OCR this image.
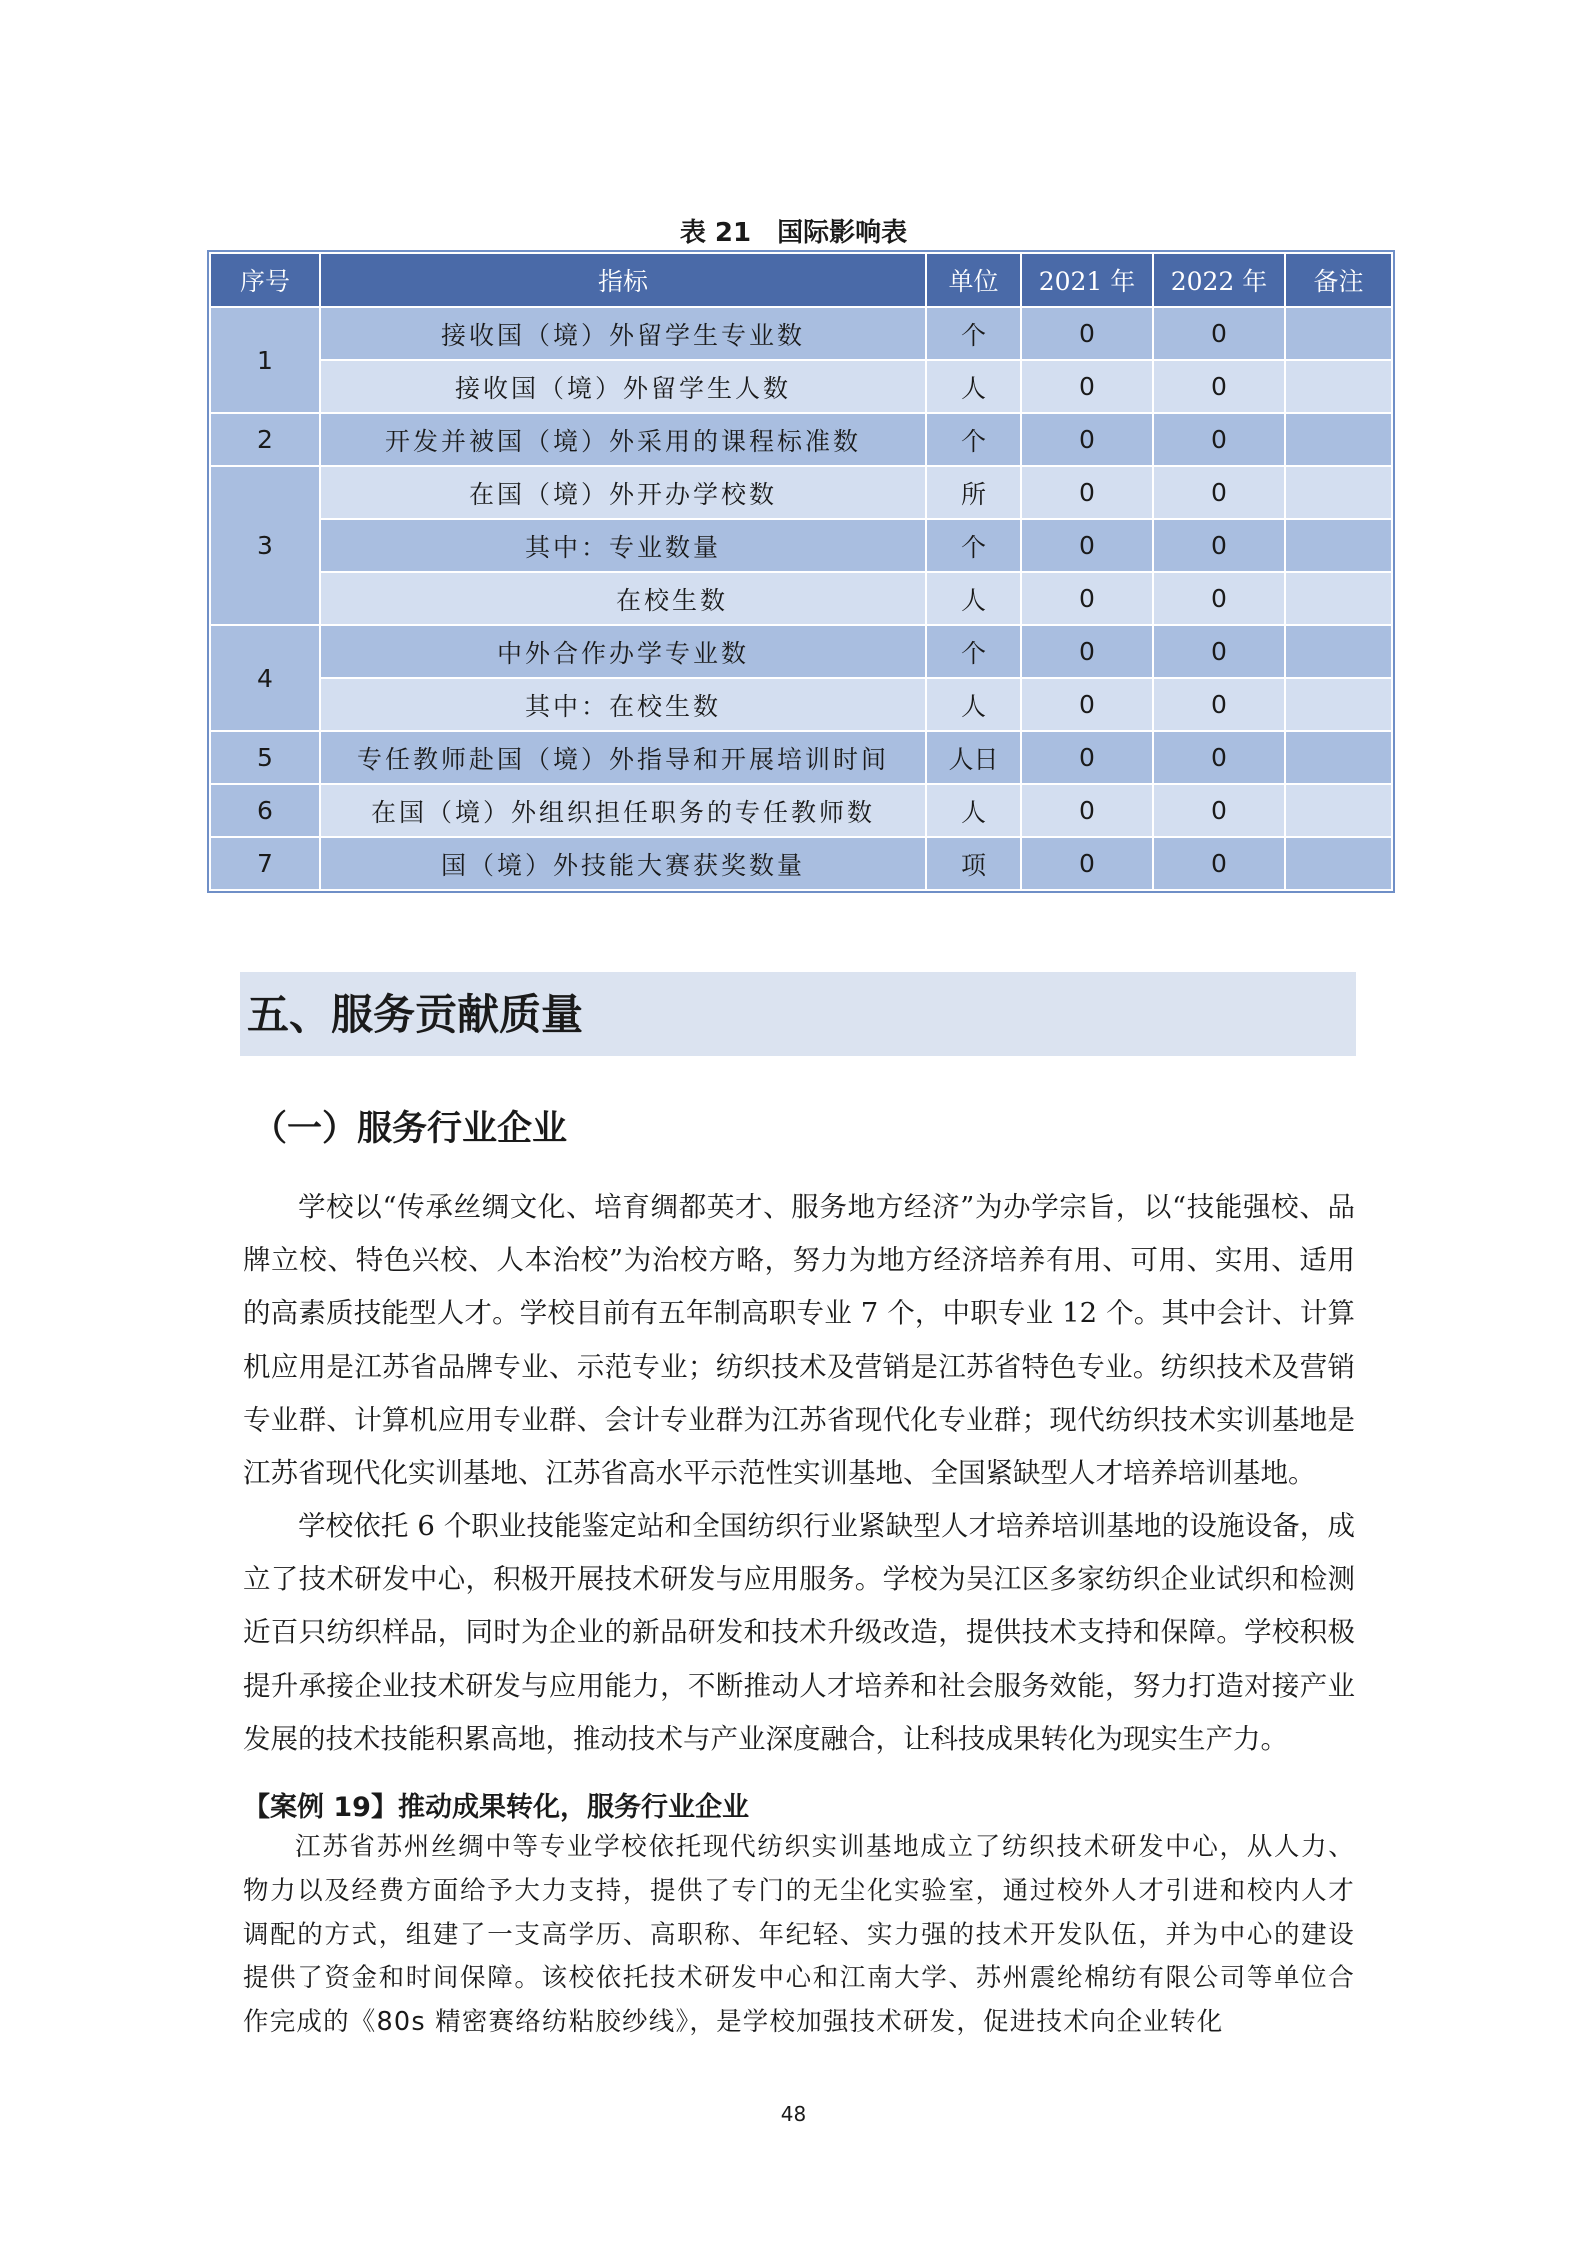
表 21　国际影响表
序号	指标	单位	2021 年	2022 年	备注
1	接收国（境）外留学生专业数	个	0	0	
	接收国（境）外留学生人数	人	0	0	
2	开发并被国（境）外采用的课程标准数	个	0	0	
3	在国（境）外开办学校数	所	0	0	
	其中：专业数量	个	0	0	
	在校生数	人	0	0	
4	中外合作办学专业数	个	0	0	
	其中：在校生数	人	0	0	
5	专任教师赴国（境）外指导和开展培训时间	人日	0	0	
6	在国（境）外组织担任职务的专任教师数	人	0	0	
7	国（境）外技能大赛获奖数量	项	0	0	
五、服务贡献质量
（一）服务行业企业

学校以“传承丝绸文化、培育绸都英才、服务地方经济”为办学宗旨，以“技能强校、品牌立校、特色兴校、人本治校”为治校方略，努力为地方经济培养有用、可用、实用、适用的高素质技能型人才。学校目前有五年制高职专业 7 个，中职专业 12 个。其中会计、计算机应用是江苏省品牌专业、示范专业；纺织技术及营销是江苏省特色专业。纺织技术及营销专业群、计算机应用专业群、会计专业群为江苏省现代化专业群；现代纺织技术实训基地是江苏省现代化实训基地、江苏省高水平示范性实训基地、全国紧缺型人才培养培训基地。

学校依托 6 个职业技能鉴定站和全国纺织行业紧缺型人才培养培训基地的设施设备，成立了技术研发中心，积极开展技术研发与应用服务。学校为吴江区多家纺织企业试织和检测近百只纺织样品，同时为企业的新品研发和技术升级改造，提供技术支持和保障。学校积极提升承接企业技术研发与应用能力，不断推动人才培养和社会服务效能，努力打造对接产业发展的技术技能积累高地，推动技术与产业深度融合，让科技成果转化为现实生产力。

【案例 19】推动成果转化，服务行业企业

江苏省苏州丝绸中等专业学校依托现代纺织实训基地成立了纺织技术研发中心，从人力、物力以及经费方面给予大力支持，提供了专门的无尘化实验室，通过校外人才引进和校内人才调配的方式，组建了一支高学历、高职称、年纪轻、实力强的技术开发队伍，并为中心的建设提供了资金和时间保障。该校依托技术研发中心和江南大学、苏州震纶棉纺有限公司等单位合作完成的《80s 精密赛络纺粘胶纱线》，是学校加强技术研发，促进技术向企业转化

48
